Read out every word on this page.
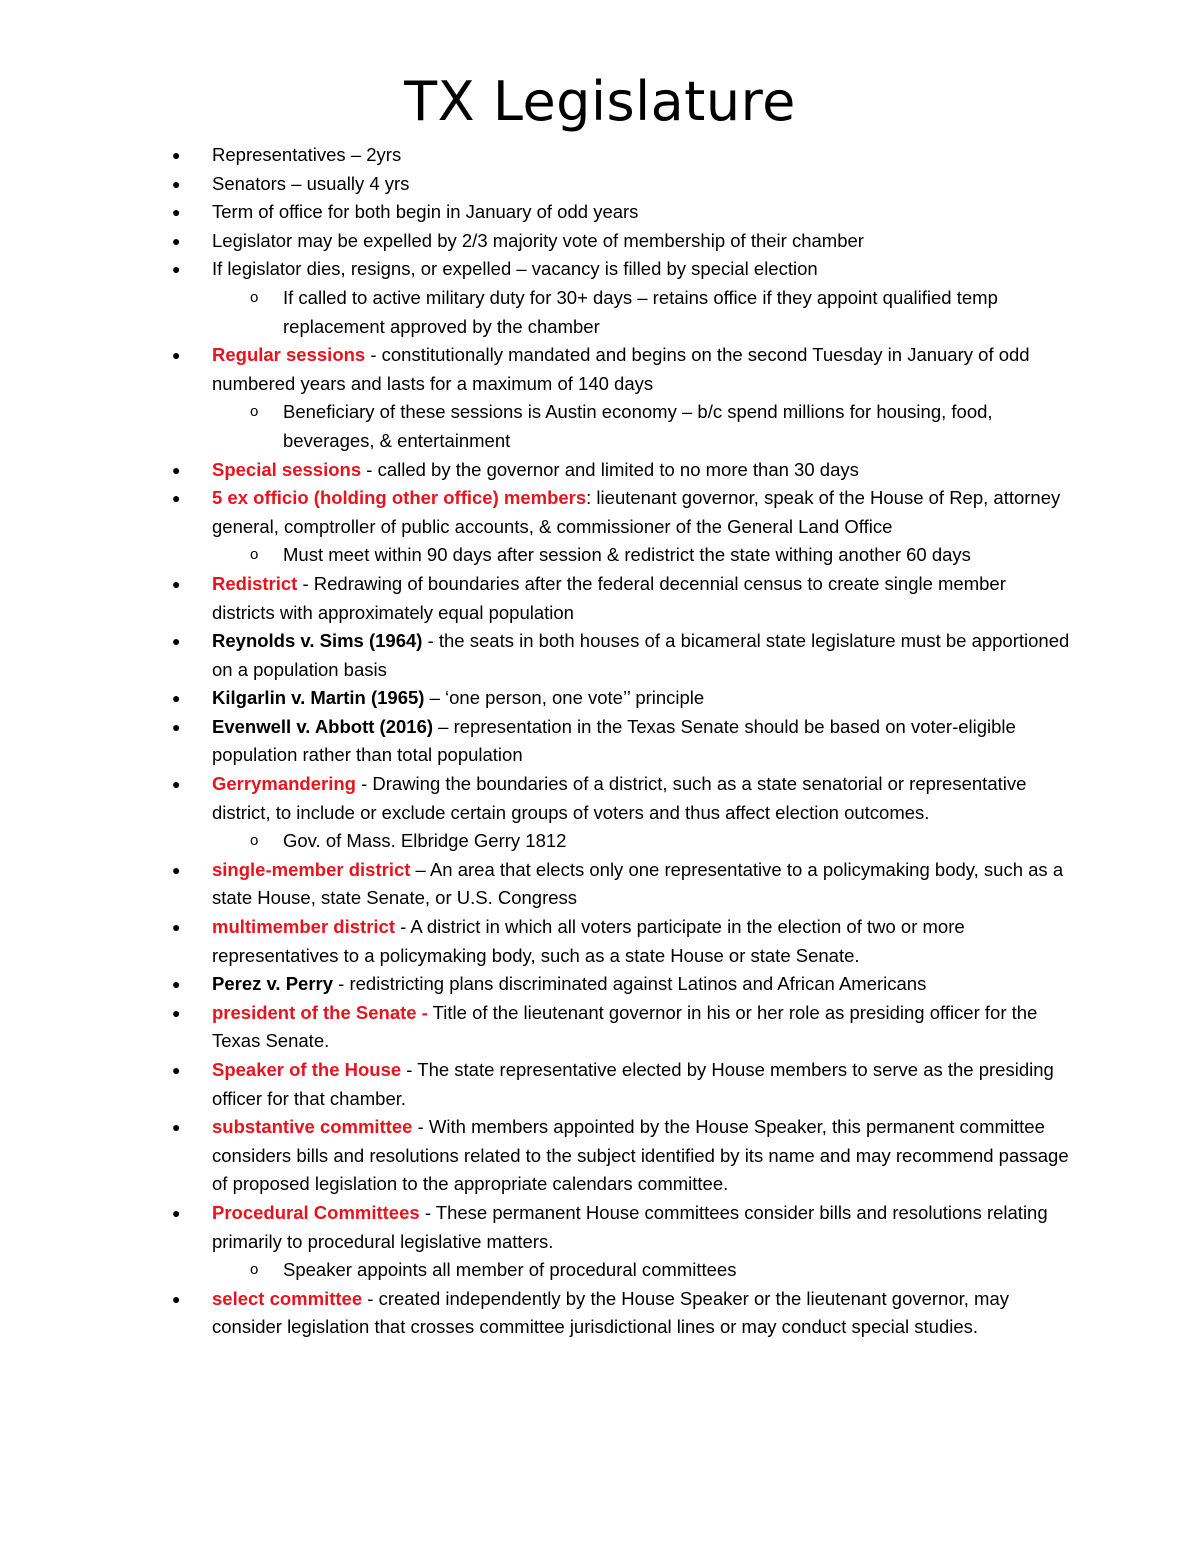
TX Legislature
● Representatives – 2yrs
● Senators – usually 4 yrs
● Term of office for both begin in January of odd years
● Legislator may be expelled by 2/3 majority vote of membership of their chamber
● If legislator dies, resigns, or expelled – vacancy is filled by special election
o If called to active military duty for 30+ days – retains office if they appoint qualified temp replacement approved by the chamber
● Regular sessions - constitutionally mandated and begins on the second Tuesday in January of odd numbered years and lasts for a maximum of 140 days
o Beneficiary of these sessions is Austin economy – b/c spend millions for housing, food, beverages, & entertainment
● Special sessions - called by the governor and limited to no more than 30 days
● 5 ex officio (holding other office) members: lieutenant governor, speak of the House of Rep, attorney general, comptroller of public accounts, & commissioner of the General Land Office
o Must meet within 90 days after session & redistrict the state withing another 60 days
● Redistrict - Redrawing of boundaries after the federal decennial census to create single member districts with approximately equal population
● Reynolds v. Sims (1964) - the seats in both houses of a bicameral state legislature must be apportioned on a population basis
● Kilgarlin v. Martin (1965) – ‘one person, one vote’’ principle
● Evenwell v. Abbott (2016) – representation in the Texas Senate should be based on voter-eligible population rather than total population
● Gerrymandering - Drawing the boundaries of a district, such as a state senatorial or representative district, to include or exclude certain groups of voters and thus affect election outcomes.
o Gov. of Mass. Elbridge Gerry 1812
● single-member district – An area that elects only one representative to a policymaking body, such as a state House, state Senate, or U.S. Congress
● multimember district - A district in which all voters participate in the election of two or more representatives to a policymaking body, such as a state House or state Senate.
● Perez v. Perry - redistricting plans discriminated against Latinos and African Americans
● president of the Senate - Title of the lieutenant governor in his or her role as presiding officer for the Texas Senate.
● Speaker of the House - The state representative elected by House members to serve as the presiding officer for that chamber.
● substantive committee - With members appointed by the House Speaker, this permanent committee considers bills and resolutions related to the subject identified by its name and may recommend passage of proposed legislation to the appropriate calendars committee.
● Procedural Committees - These permanent House committees consider bills and resolutions relating primarily to procedural legislative matters.
o Speaker appoints all member of procedural committees
● select committee - created independently by the House Speaker or the lieutenant governor, may consider legislation that crosses committee jurisdictional lines or may conduct special studies.
